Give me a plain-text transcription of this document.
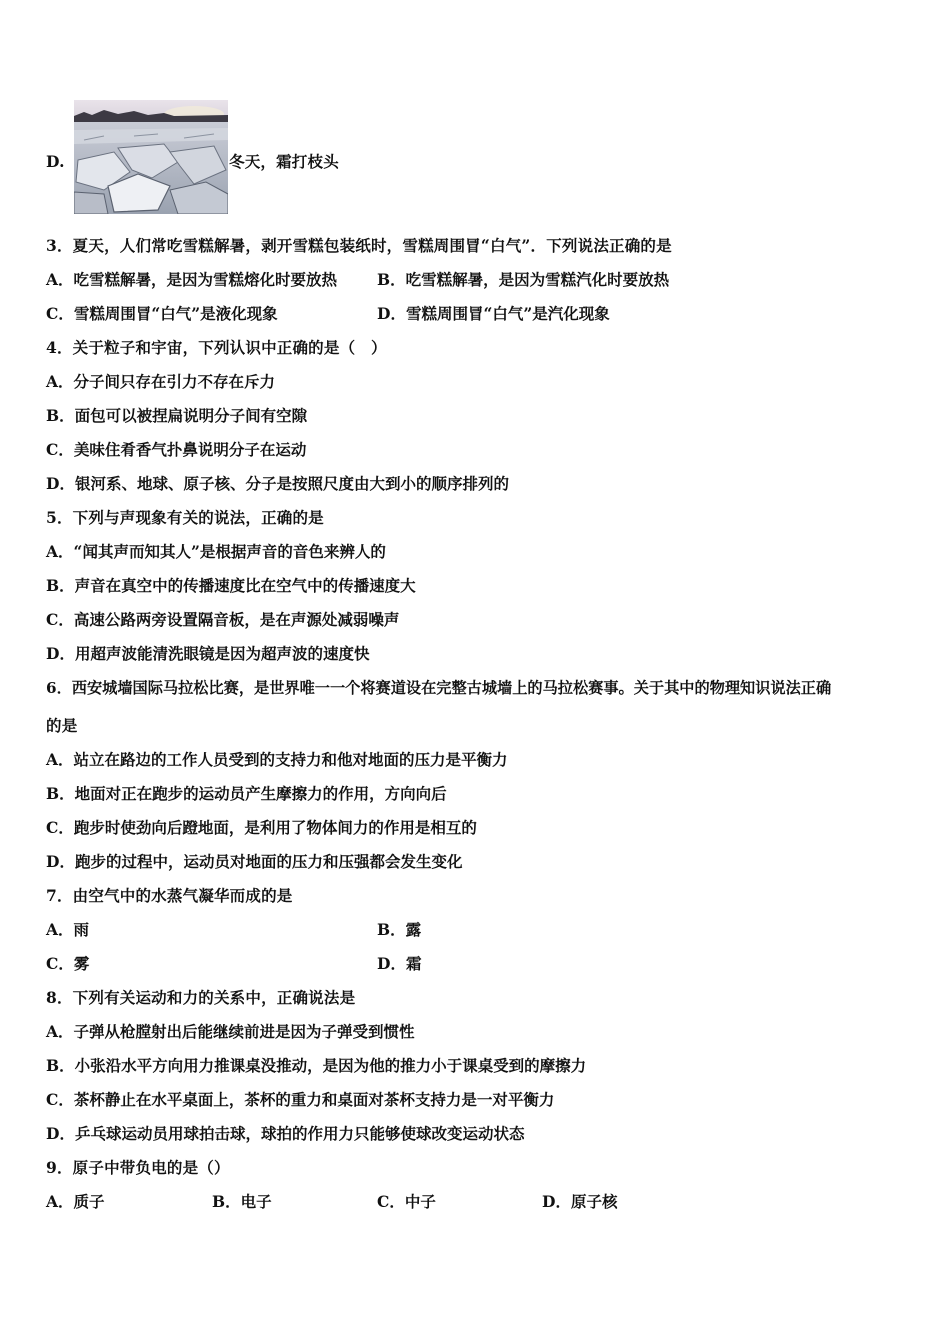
D.	冬天，霜打枝头
3．夏天，人们常吃雪糕解暑，剥开雪糕包装纸时，雪糕周围冒“白气”．下列说法正确的是
A．吃雪糕解暑，是因为雪糕熔化时要放热	B．吃雪糕解暑，是因为雪糕汽化时要放热
C．雪糕周围冒“白气”是液化现象	D．雪糕周围冒“白气”是汽化现象
4．关于粒子和宇宙，下列认识中正确的是（　）
A．分子间只存在引力不存在斥力
B．面包可以被捏扁说明分子间有空隙
C．美味住肴香气扑鼻说明分子在运动
D．银河系、地球、原子核、分子是按照尺度由大到小的顺序排列的
5．下列与声现象有关的说法，正确的是
A．“闻其声而知其人”是根据声音的音色来辨人的
B．声音在真空中的传播速度比在空气中的传播速度大
C．高速公路两旁设置隔音板，是在声源处减弱噪声
D．用超声波能清洗眼镜是因为超声波的速度快
6．西安城墙国际马拉松比赛，是世界唯一一个将赛道设在完整古城墙上的马拉松赛事。关于其中的物理知识说法正确
的是
A．站立在路边的工作人员受到的支持力和他对地面的压力是平衡力
B．地面对正在跑步的运动员产生摩擦力的作用，方向向后
C．跑步时使劲向后蹬地面，是利用了物体间力的作用是相互的
D．跑步的过程中，运动员对地面的压力和压强都会发生变化
7．由空气中的水蒸气凝华而成的是
A．雨	B．露
C．雾	D．霜
8．下列有关运动和力的关系中，正确说法是
A．子弹从枪膛射出后能继续前进是因为子弹受到惯性
B．小张沿水平方向用力推课桌没推动，是因为他的推力小于课桌受到的摩擦力
C．茶杯静止在水平桌面上，茶杯的重力和桌面对茶杯支持力是一对平衡力
D．乒乓球运动员用球拍击球，球拍的作用力只能够使球改变运动状态
9．原子中带负电的是（）
A．质子	B．电子	C．中子	D．原子核
